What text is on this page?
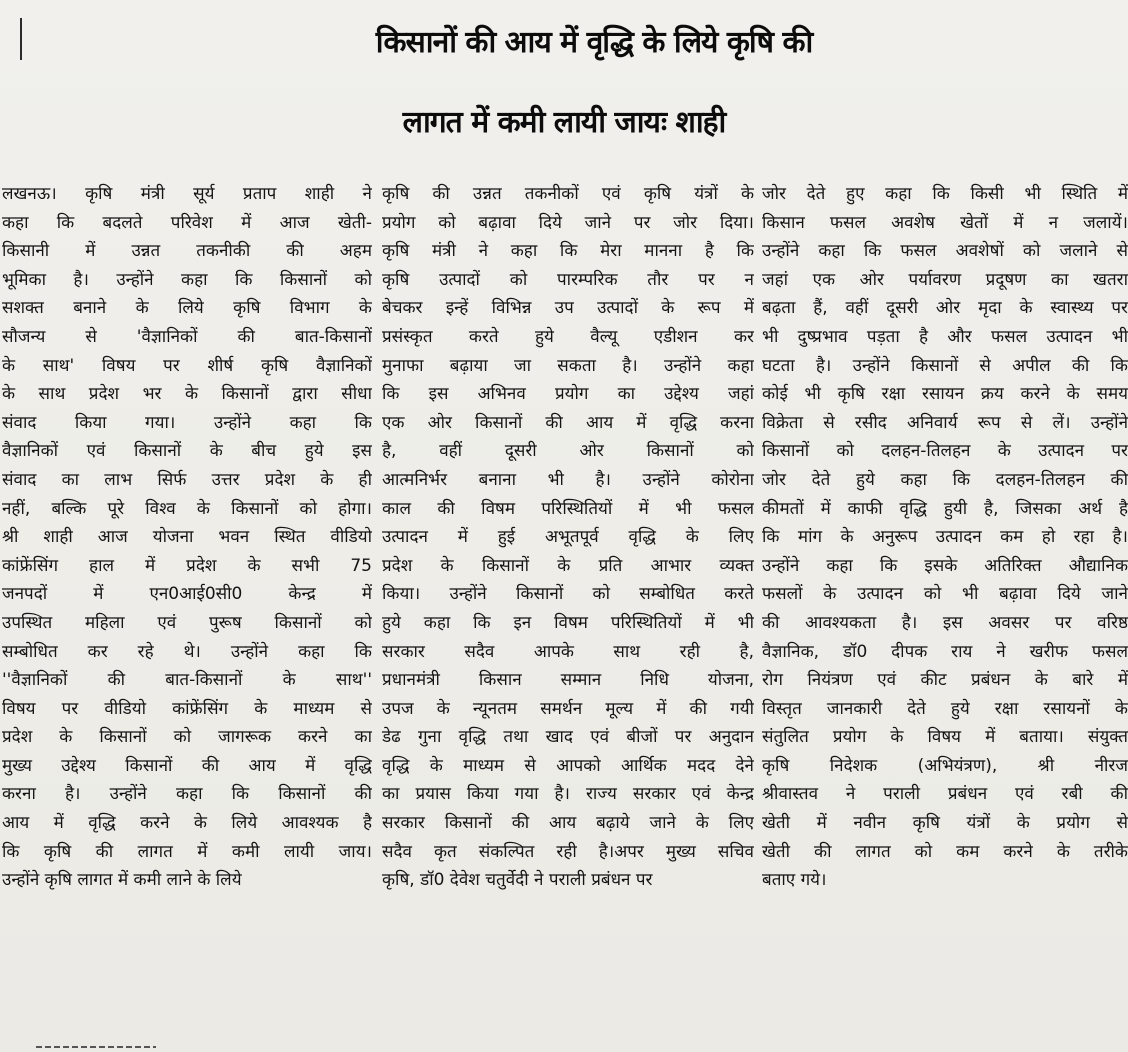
किसानों की आय में वृद्धि के लिये कृषि की
लागत में कमी लायी जायः शाही
लखनऊ। कृषि मंत्री सूर्य प्रताप शाही ने
कहा कि बदलते परिवेश में आज खेती-
किसानी में उन्नत तकनीकी की अहम
भूमिका है। उन्होंने कहा कि किसानों को
सशक्त बनाने के लिये कृषि विभाग के
सौजन्य से 'वैज्ञानिकों की बात-किसानों
के साथ' विषय पर शीर्ष कृषि वैज्ञानिकों
के साथ प्रदेश भर के किसानों द्वारा सीधा
संवाद किया गया। उन्होंने कहा कि
वैज्ञानिकों एवं किसानों के बीच हुये इस
संवाद का लाभ सिर्फ उत्तर प्रदेश के ही
नहीं, बल्कि पूरे विश्व के किसानों को होगा।
श्री शाही आज योजना भवन स्थित वीडियो
कांफ्रेंसिंग हाल में प्रदेश के सभी 75
जनपदों में एन0आई0सी0 केन्द्र में
उपस्थित महिला एवं पुरूष किसानों को
सम्बोधित कर रहे थे। उन्होंने कहा कि
''वैज्ञानिकों की बात-किसानों के साथ''
विषय पर वीडियो कांफ्रेंसिंग के माध्यम से
प्रदेश के किसानों को जागरूक करने का
मुख्य उद्देश्य किसानों की आय में वृद्धि
करना है। उन्होंने कहा कि किसानों की
आय में वृद्धि करने के लिये आवश्यक है
कि कृषि की लागत में कमी लायी जाय।
उन्होंने कृषि लागत में कमी लाने के लिये
कृषि की उन्नत तकनीकों एवं कृषि यंत्रों के
प्रयोग को बढ़ावा दिये जाने पर जोर दिया।
कृषि मंत्री ने कहा कि मेरा मानना है कि
कृषि उत्पादों को पारम्परिक तौर पर न
बेचकर इन्हें विभिन्न उप उत्पादों के रूप में
प्रसंस्कृत करते हुये वैल्यू एडीशन कर
मुनाफा बढ़ाया जा सकता है। उन्होंने कहा
कि इस अभिनव प्रयोग का उद्देश्य जहां
एक ओर किसानों की आय में वृद्धि करना
है, वहीं दूसरी ओर किसानों को
आत्मनिर्भर बनाना भी है। उन्होंने कोरोना
काल की विषम परिस्थितियों में भी फसल
उत्पादन में हुई अभूतपूर्व वृद्धि के लिए
प्रदेश के किसानों के प्रति आभार व्यक्त
किया। उन्होंने किसानों को सम्बोधित करते
हुये कहा कि इन विषम परिस्थितियों में भी
सरकार सदैव आपके साथ रही है,
प्रधानमंत्री किसान सम्मान निधि योजना,
उपज के न्यूनतम समर्थन मूल्य में की गयी
डेढ गुना वृद्धि तथा खाद एवं बीजों पर अनुदान
वृद्धि के माध्यम से आपको आर्थिक मदद देने
का प्रयास किया गया है। राज्य सरकार एवं केन्द्र
सरकार किसानों की आय बढ़ाये जाने के लिए
सदैव कृत संकल्पित रही है।अपर मुख्य सचिव
कृषि, डॉ0 देवेश चतुर्वेदी ने पराली प्रबंधन पर
जोर देते हुए कहा कि किसी भी स्थिति में
किसान फसल अवशेष खेतों में न जलायें।
उन्होंने कहा कि फसल अवशेषों को जलाने से
जहां एक ओर पर्यावरण प्रदूषण का खतरा
बढ़ता हैं, वहीं दूसरी ओर मृदा के स्वास्थ्य पर
भी दुष्प्रभाव पड़ता है और फसल उत्पादन भी
घटता है। उन्होंने किसानों से अपील की कि
कोई भी कृषि रक्षा रसायन क्रय करने के समय
विक्रेता से रसीद अनिवार्य रूप से लें। उन्होंने
किसानों को दलहन-तिलहन के उत्पादन पर
जोर देते हुये कहा कि दलहन-तिलहन की
कीमतों में काफी वृद्धि हुयी है, जिसका अर्थ है
कि मांग के अनुरूप उत्पादन कम हो रहा है।
उन्होंने कहा कि इसके अतिरिक्त औद्यानिक
फसलों के उत्पादन को भी बढ़ावा दिये जाने
की आवश्यकता है। इस अवसर पर वरिष्ठ
वैज्ञानिक, डॉ0 दीपक राय ने खरीफ फसल
रोग नियंत्रण एवं कीट प्रबंधन के बारे में
विस्तृत जानकारी देते हुये रक्षा रसायनों के
संतुलित प्रयोग के विषय में बताया। संयुक्त
कृषि निदेशक (अभियंत्रण), श्री नीरज
श्रीवास्तव ने पराली प्रबंधन एवं रबी की
खेती में नवीन कृषि यंत्रों के प्रयोग से
खेती की लागत को कम करने के तरीके
बताए गये।
